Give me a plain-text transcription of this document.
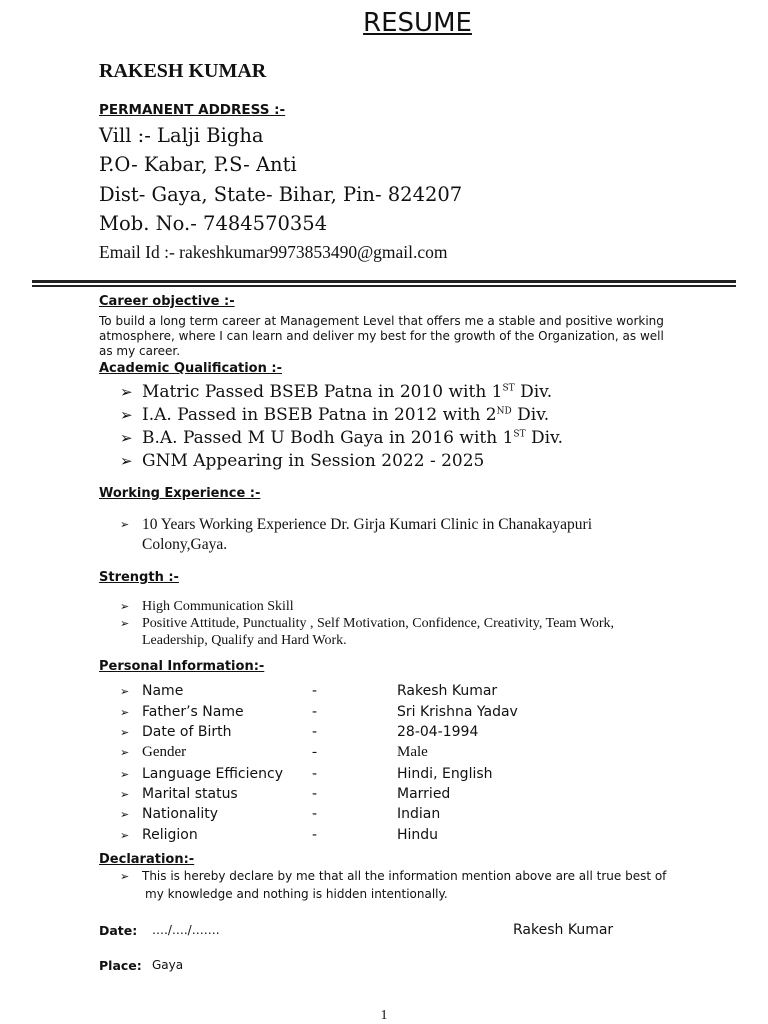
RESUME
RAKESH KUMAR
PERMANENT ADDRESS :-
Vill :- Lalji Bigha
P.O- Kabar, P.S- Anti
Dist- Gaya, State- Bihar, Pin- 824207
Mob. No.- 7484570354
Email Id :- rakeshkumar9973853490@gmail.com
Career objective :-
To build a long term career at Management Level that offers me a stable and positive working atmosphere, where I can learn and deliver my best for the growth of the Organization, as well as my career.
Academic Qualification :-
➢ Matric Passed BSEB Patna in 2010 with 1ST Div.
➢ I.A. Passed in BSEB Patna in 2012 with 2ND Div.
➢ B.A. Passed M U Bodh Gaya in 2016 with 1ST Div.
➢ GNM Appearing in Session 2022 - 2025
Working Experience :-
➢ 10 Years Working Experience Dr. Girja Kumari Clinic in Chanakayapuri
Colony,Gaya.
Strength :-
➢ High Communication Skill
➢ Positive Attitude, Punctuality , Self Motivation, Confidence, Creativity, Team Work,
Leadership, Qualify and Hard Work.
Personal Information:-
➢ Name	-	Rakesh Kumar
➢ Father’s Name	-	Sri Krishna Yadav
➢ Date of Birth	-	28-04-1994
➢ Gender	-	Male
➢ Language Efficiency -	Hindi, English
➢ Marital status	-	Married
➢ Nationality	-	Indian
➢ Religion	-	Hindu
Declaration:-
➢ This is hereby declare by me that all the information mention above are all true best of
my knowledge and nothing is hidden intentionally.
Date: …./…./…….	Rakesh Kumar
Place: Gaya
1
